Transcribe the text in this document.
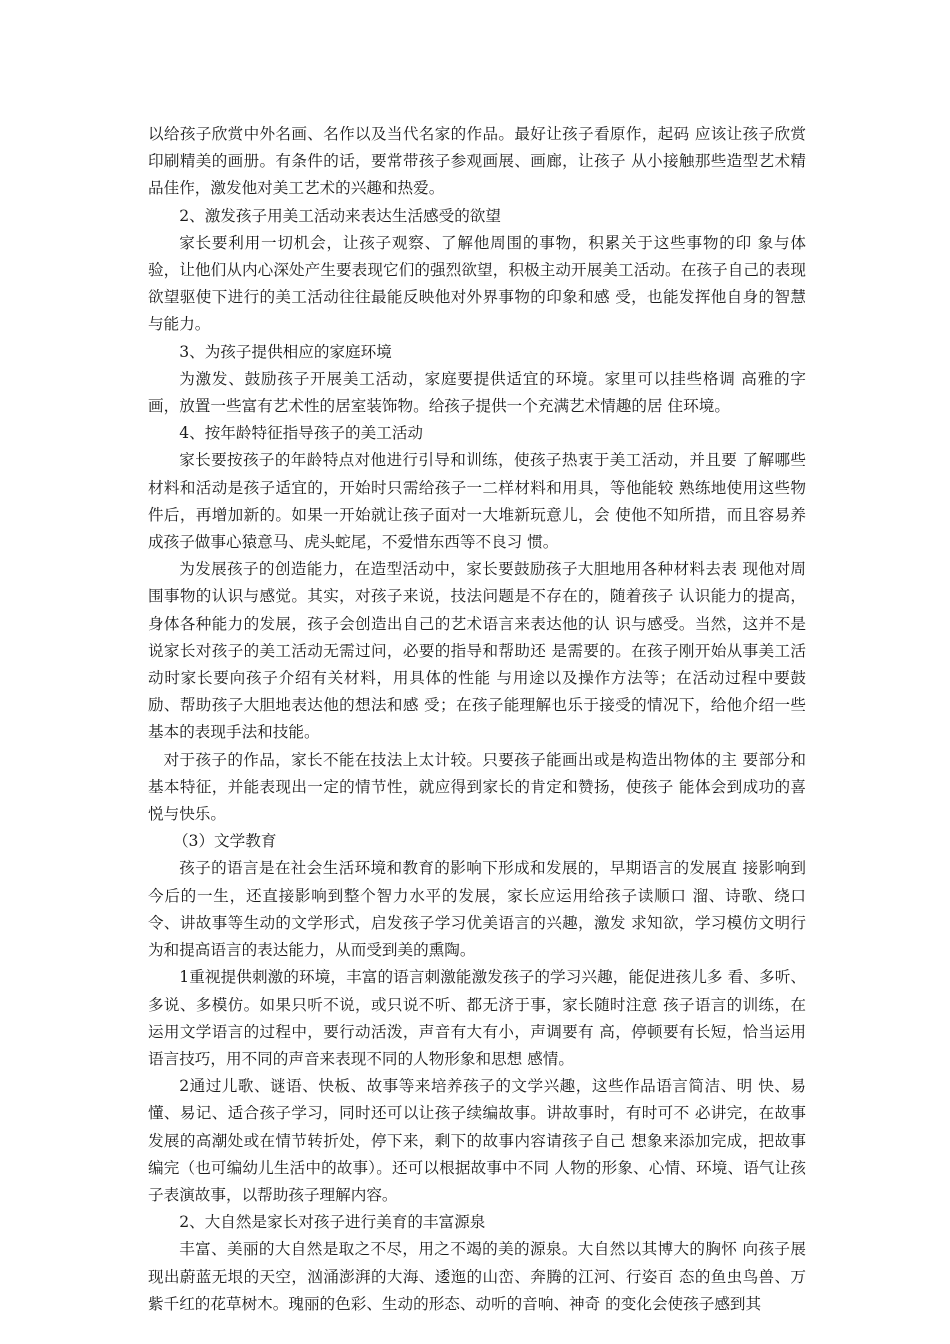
以给孩子欣赏中外名画、名作以及当代名家的作品。最好让孩子看原作，起码 应该让孩子欣赏印刷精美的画册。有条件的话，要常带孩子参观画展、画廊，让孩子 从小接触那些造型艺术精品佳作，激发他对美工艺术的兴趣和热爱。

2、激发孩子用美工活动来表达生活感受的欲望

家长要利用一切机会，让孩子观察、了解他周围的事物，积累关于这些事物的印 象与体验，让他们从内心深处产生要表现它们的强烈欲望，积极主动开展美工活动。在孩子自己的表现欲望驱使下进行的美工活动往往最能反映他对外界事物的印象和感 受，也能发挥他自身的智慧与能力。

3、为孩子提供相应的家庭环境

为激发、鼓励孩子开展美工活动，家庭要提供适宜的环境。家里可以挂些格调 高雅的字画，放置一些富有艺术性的居室装饰物。给孩子提供一个充满艺术情趣的居 住环境。

4、按年龄特征指导孩子的美工活动

家长要按孩子的年龄特点对他进行引导和训练，使孩子热衷于美工活动，并且要 了解哪些材料和活动是孩子适宜的，开始时只需给孩子一二样材料和用具，等他能较 熟练地使用这些物件后，再增加新的。如果一开始就让孩子面对一大堆新玩意儿，会 使他不知所措，而且容易养成孩子做事心猿意马、虎头蛇尾，不爱惜东西等不良习 惯。

为发展孩子的创造能力，在造型活动中，家长要鼓励孩子大胆地用各种材料去表 现他对周围事物的认识与感觉。其实，对孩子来说，技法问题是不存在的，随着孩子 认识能力的提高，身体各种能力的发展，孩子会创造出自己的艺术语言来表达他的认 识与感受。当然，这并不是说家长对孩子的美工活动无需过问，必要的指导和帮助还 是需要的。在孩子刚开始从事美工活动时家长要向孩子介绍有关材料，用具体的性能 与用途以及操作方法等；在活动过程中要鼓励、帮助孩子大胆地表达他的想法和感 受；在孩子能理解也乐于接受的情况下，给他介绍一些基本的表现手法和技能。

对于孩子的作品，家长不能在技法上太计较。只要孩子能画出或是构造出物体的主 要部分和基本特征，并能表现出一定的情节性，就应得到家长的肯定和赞扬，使孩子 能体会到成功的喜悦与快乐。

（3）文学教育

孩子的语言是在社会生活环境和教育的影响下形成和发展的，早期语言的发展直 接影响到今后的一生，还直接影响到整个智力水平的发展，家长应运用给孩子读顺口 溜、诗歌、绕口令、讲故事等生动的文学形式，启发孩子学习优美语言的兴趣，激发 求知欲，学习模仿文明行为和提高语言的表达能力，从而受到美的熏陶。

1重视提供刺激的环境，丰富的语言刺激能激发孩子的学习兴趣，能促进孩儿多 看、多听、多说、多模仿。如果只听不说，或只说不听、都无济于事，家长随时注意 孩子语言的训练，在运用文学语言的过程中，要行动活泼，声音有大有小，声调要有 高，停顿要有长短，恰当运用语言技巧，用不同的声音来表现不同的人物形象和思想 感情。

2通过儿歌、谜语、快板、故事等来培养孩子的文学兴趣，这些作品语言简洁、明 快、易懂、易记、适合孩子学习，同时还可以让孩子续编故事。讲故事时，有时可不 必讲完，在故事发展的高潮处或在情节转折处，停下来，剩下的故事内容请孩子自己 想象来添加完成，把故事编完（也可编幼儿生活中的故事）。还可以根据故事中不同 人物的形象、心情、环境、语气让孩子表演故事，以帮助孩子理解内容。

2、大自然是家长对孩子进行美育的丰富源泉

丰富、美丽的大自然是取之不尽，用之不竭的美的源泉。大自然以其博大的胸怀 向孩子展现出蔚蓝无垠的天空，汹涌澎湃的大海、逶迤的山峦、奔腾的江河、行姿百 态的鱼虫鸟兽、万紫千红的花草树木。瑰丽的色彩、生动的形态、动听的音响、神奇 的变化会使孩子感到其
